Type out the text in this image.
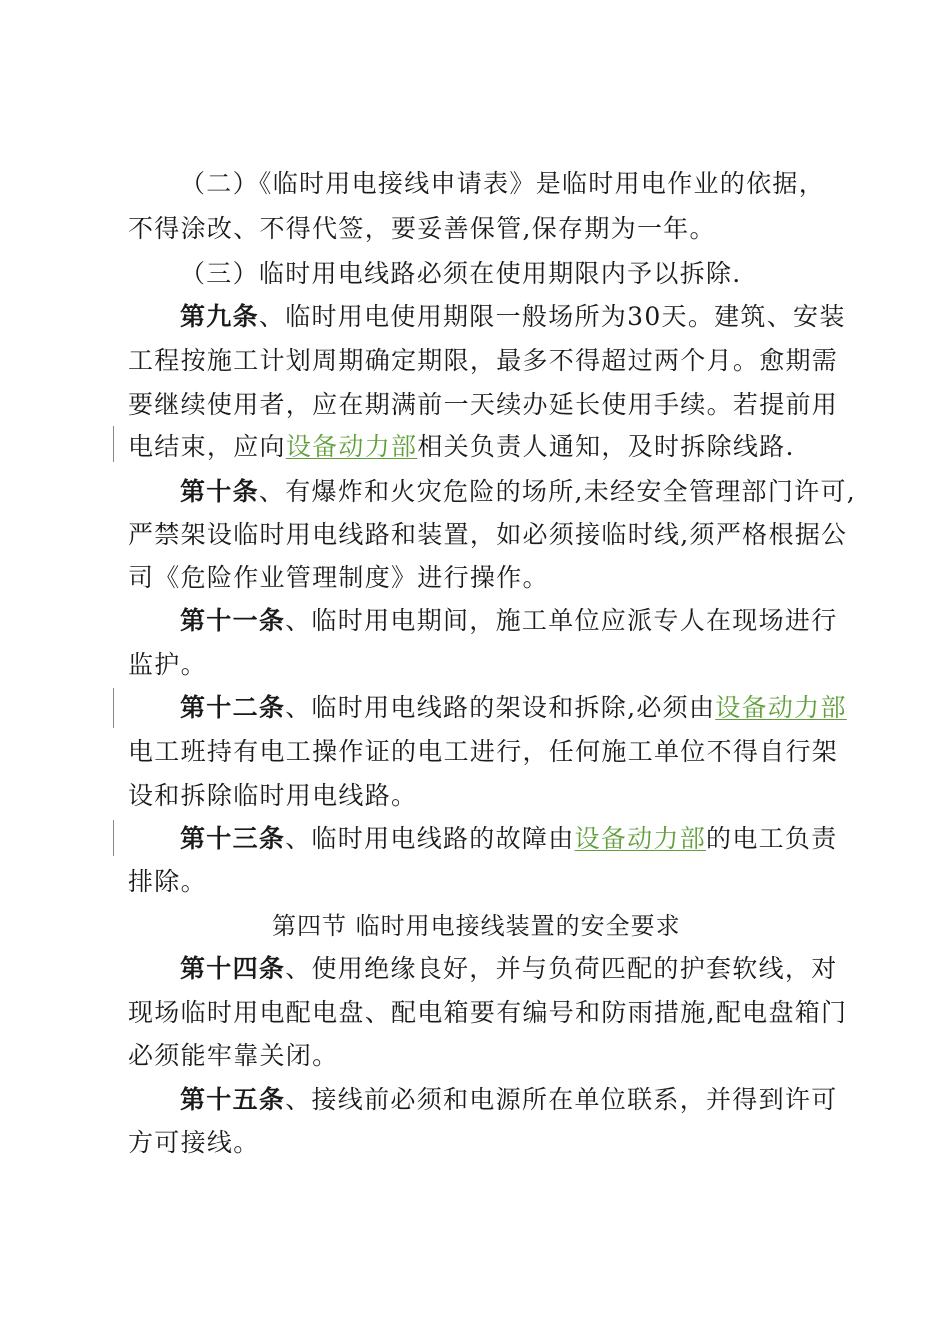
（二）《临时用电接线申请表》是临时用电作业的依据，
不得涂改、不得代签，要妥善保管,保存期为一年。
（三）临时用电线路必须在使用期限内予以拆除.
第九条、临时用电使用期限一般场所为30天。建筑、安装
工程按施工计划周期确定期限，最多不得超过两个月。愈期需
要继续使用者，应在期满前一天续办延长使用手续。若提前用
电结束，应向设备动力部相关负责人通知，及时拆除线路.
第十条、有爆炸和火灾危险的场所,未经安全管理部门许可,
严禁架设临时用电线路和装置，如必须接临时线,须严格根据公
司《危险作业管理制度》进行操作。
第十一条、临时用电期间，施工单位应派专人在现场进行
监护。
第十二条、临时用电线路的架设和拆除,必须由设备动力部
电工班持有电工操作证的电工进行，任何施工单位不得自行架
设和拆除临时用电线路。
第十三条、临时用电线路的故障由设备动力部的电工负责
排除。
第四节 临时用电接线装置的安全要求
第十四条、使用绝缘良好，并与负荷匹配的护套软线，对
现场临时用电配电盘、配电箱要有编号和防雨措施,配电盘箱门
必须能牢靠关闭。
第十五条、接线前必须和电源所在单位联系，并得到许可
方可接线。
